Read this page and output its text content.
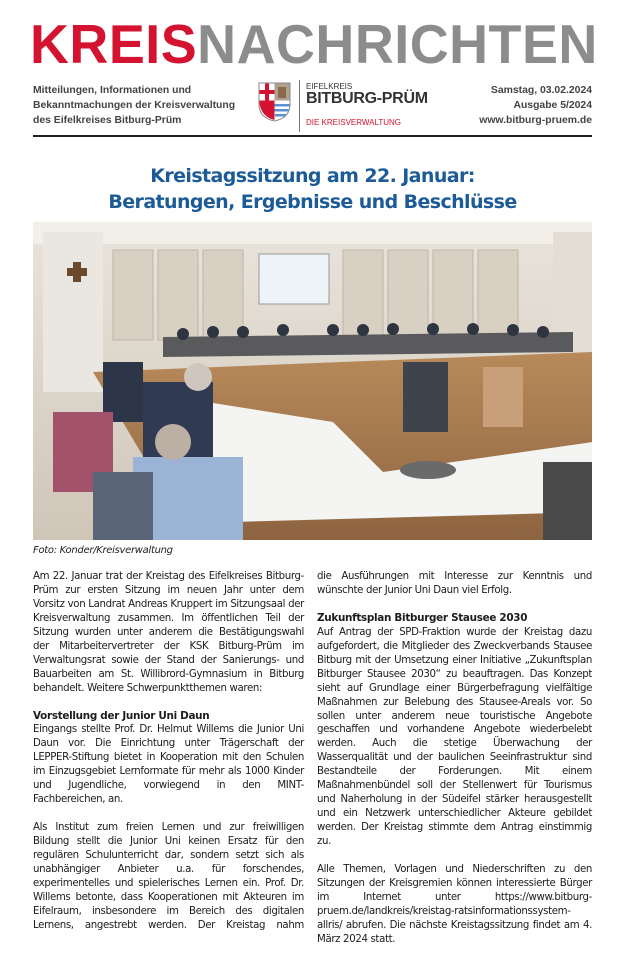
KREISNACHRICHTEN
Mitteilungen, Informationen und
Bekanntmachungen der Kreisverwaltung
des Eifelkreises Bitburg-Prüm
EIFELKREIS
BITBURG-PRÜM
DIE KREISVERWALTUNG
Samstag, 03.02.2024
Ausgabe 5/2024
www.bitburg-pruem.de
Kreistagssitzung am 22. Januar:
Beratungen, Ergebnisse und Beschlüsse
Foto: Konder/Kreisverwaltung

Am 22. Januar trat der Kreistag des Eifelkreises Bitburg-Prüm zur ersten Sitzung im neuen Jahr unter dem Vorsitz von Landrat Andreas Kruppert im Sitzungsaal der Kreisverwaltung zusammen. Im öffentlichen Teil der Sitzung wurden unter anderem die Bestätigungswahl der Mitarbeitervertreter der KSK Bitburg-Prüm im Verwaltungsrat sowie der Stand der Sanierungs- und Bauarbeiten am St. Willibrord-Gymnasium in Bitburg behandelt. Weitere Schwerpunktthemen waren:

Vorstellung der Junior Uni Daun

Eingangs stellte Prof. Dr. Helmut Willems die Junior Uni Daun vor. Die Einrichtung unter Trägerschaft der LEPPER-Stiftung bietet in Kooperation mit den Schulen im Einzugsgebiet Lernformate für mehr als 1000 Kinder und Jugendliche, vorwiegend in den MINT-Fachbereichen, an.

Als Institut zum freien Lernen und zur freiwilligen Bildung stellt die Junior Uni keinen Ersatz für den regulären Schulunterricht dar, sondern setzt sich als unabhängiger Anbieter u.a. für forschendes, experimentelles und spielerisches Lernen ein. Prof. Dr. Willems betonte, dass Kooperationen mit Akteuren im Eifelraum, insbesondere im Bereich des digitalen Lernens, angestrebt werden. Der Kreistag nahm

die Ausführungen mit Interesse zur Kenntnis und wünschte der Junior Uni Daun viel Erfolg.

Zukunftsplan Bitburger Stausee 2030

Auf Antrag der SPD-Fraktion wurde der Kreistag dazu aufgefordert, die Mitglieder des Zweckverbands Stausee Bitburg mit der Umsetzung einer Initiative „Zukunftsplan Bitburger Stausee 2030“ zu beauftragen. Das Konzept sieht auf Grundlage einer Bürgerbefragung vielfältige Maßnahmen zur Belebung des Stausee-Areals vor. So sollen unter anderem neue touristische Angebote geschaffen und vorhandene Angebote wiederbelebt werden. Auch die stetige Überwachung der Wasserqualität und der baulichen Seeinfrastruktur sind Bestandteile der Forderungen. Mit einem Maßnahmenbündel soll der Stellenwert für Tourismus und Naherholung in der Südeifel stärker herausgestellt und ein Netzwerk unterschiedlicher Akteure gebildet werden. Der Kreistag stimmte dem Antrag einstimmig zu.

Alle Themen, Vorlagen und Niederschriften zu den Sitzungen der Kreisgremien können interessierte Bürger im Internet unter https://www.bitburg-pruem.de/landkreis/kreistag-ratsinformationssystem-allris/ abrufen. Die nächste Kreistagssitzung findet am 4. März 2024 statt.
